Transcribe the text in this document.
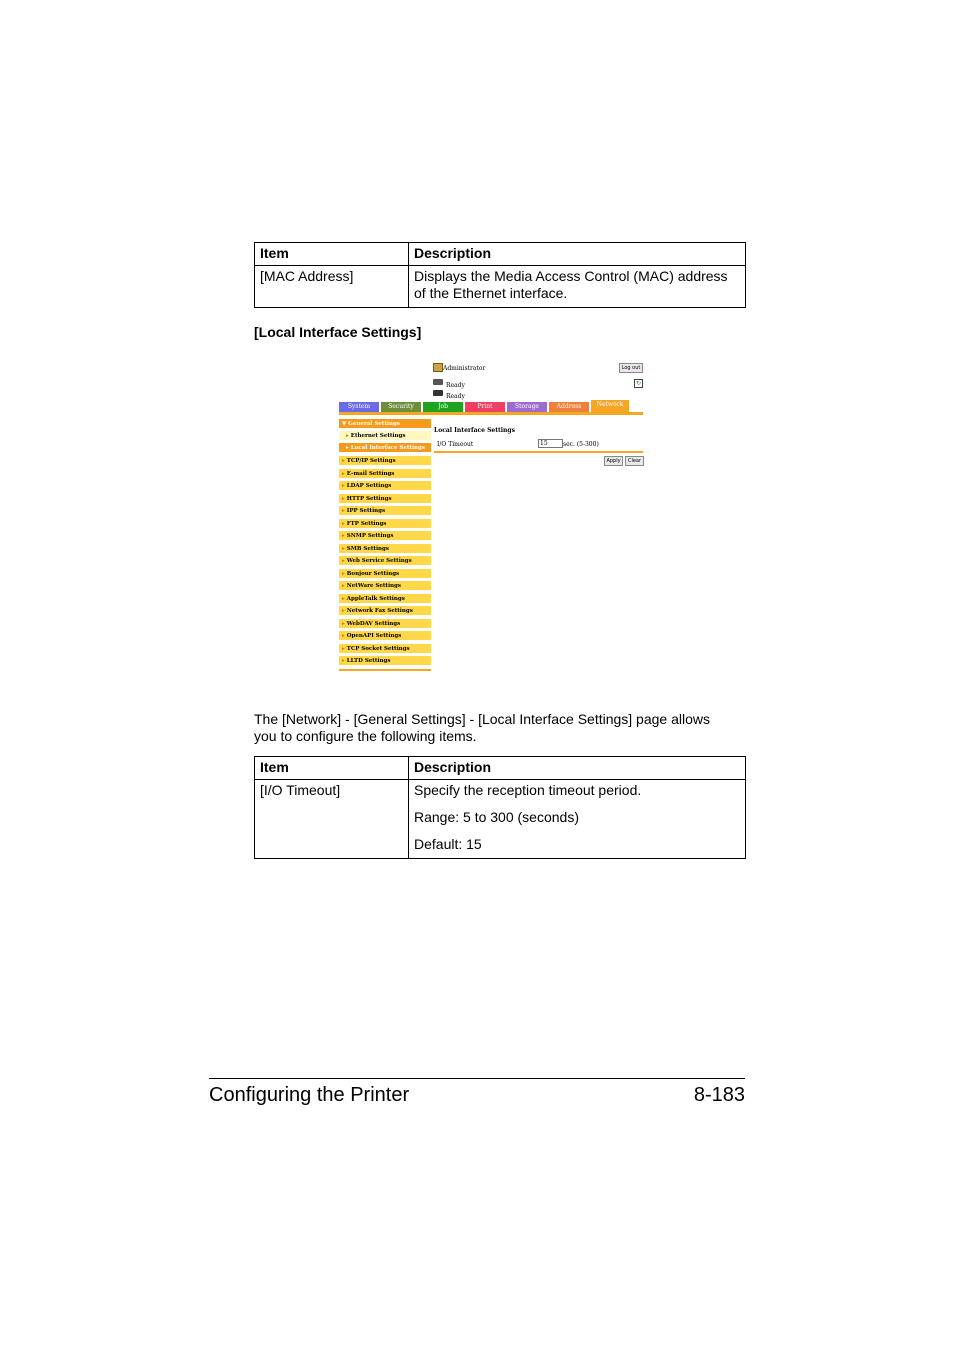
Item	Description
[MAC Address]	Displays the Media Access Control (MAC) address of the Ethernet interface.
[Local Interface Settings]
Administrator	Log out
↻
Ready
Ready
System	Security	Job	Print	Storage	Address	Network
▼ General Settings
▸ Ethernet Settings
▸ Local Interface Settings
▸ TCP/IP Settings
▸ E-mail Settings
▸ LDAP Settings
▸ HTTP Settings
▸ IPP Settings
▸ FTP Settings
▸ SNMP Settings
▸ SMB Settings
▸ Web Service Settings
▸ Bonjour Settings
▸ NetWare Settings
▸ AppleTalk Settings
▸ Network Fax Settings
▸ WebDAV Settings
▸ OpenAPI Settings
▸ TCP Socket Settings
▸ LLTD Settings
Local Interface Settings
I/O Timeout	15	sec. (5-300)
Apply	Clear

The [Network] - [General Settings] - [Local Interface Settings] page allows you to configure the following items.

Item	Description
[I/O Timeout]	Specify the reception timeout period.

Range: 5 to 300 (seconds)

Default: 15

Configuring the Printer	8-183
